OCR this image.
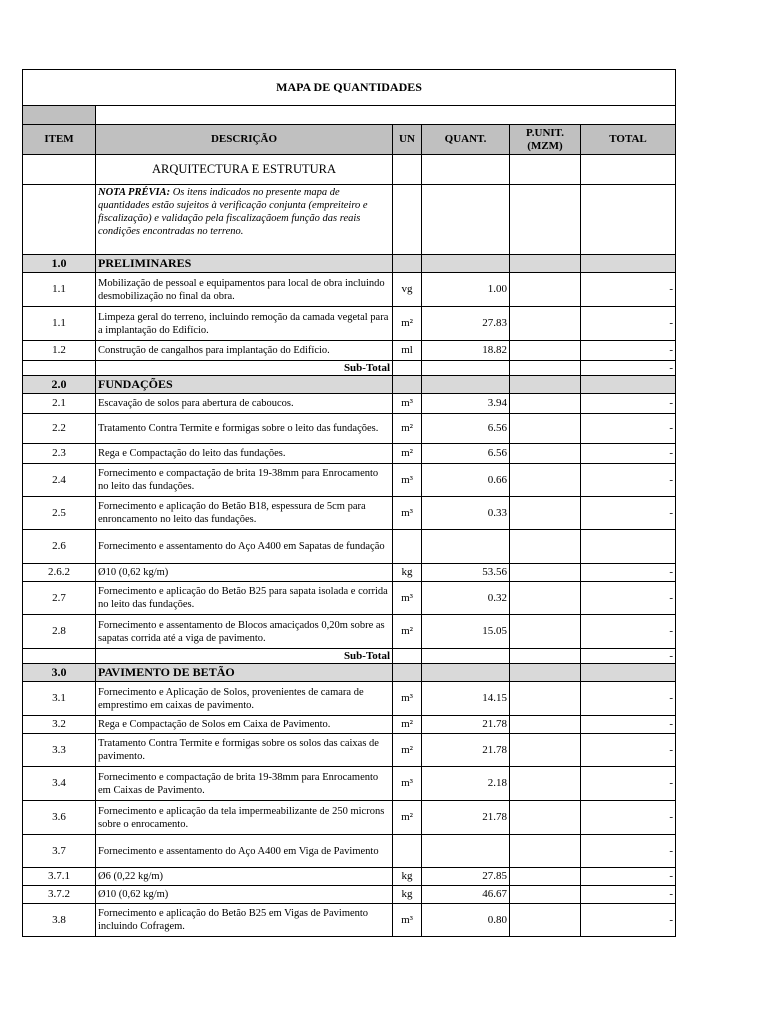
MAPA DE QUANTIDADES					

ITEM	DESCRIÇÃO	UN	QUANT.	P.UNIT. (MZM)	TOTAL
	ARQUITECTURA E ESTRUTURA				
	NOTA PRÉVIA: Os itens indicados no presente mapa de quantidades estão sujeitos à verificação conjunta (empreiteiro e fiscalização) e validação pela fiscalizaçãoem função das reais condições encontradas no terreno.				
1.0	PRELIMINARES				
1.1	Mobilização de pessoal e equipamentos para local de obra incluindo desmobilização no final da obra.	vg	1.00		-
1.1	Limpeza geral do terreno, incluindo remoção da camada vegetal para a implantação do Edifício.	m²	27.83		-
1.2	Construção de cangalhos para implantação do Edifício.	ml	18.82		-
	Sub-Total				-
2.0	FUNDAÇÕES				
2.1	Escavação de solos para abertura de caboucos.	m³	3.94		-
2.2	Tratamento Contra Termite e formigas sobre o leito das fundações.	m²	6.56		-
2.3	Rega e Compactação do leito das fundações.	m²	6.56		-
2.4	Fornecimento e compactação de brita 19-38mm para Enrocamento no leito das fundações.	m³	0.66		-
2.5	Fornecimento e aplicação do Betão B18, espessura de 5cm para enroncamento no leito das fundações.	m³	0.33		-
2.6	Fornecimento e assentamento do Aço A400 em Sapatas de fundação				
2.6.2	Ø10 (0,62 kg/m)	kg	53.56		-
2.7	Fornecimento e aplicação do Betão B25 para sapata isolada e corrida no leito das fundações.	m³	0.32		-
2.8	Fornecimento e assentamento de Blocos amaciçados 0,20m sobre as sapatas corrida até a viga de pavimento.	m²	15.05		-
	Sub-Total				-
3.0	PAVIMENTO DE BETÃO				
3.1	Fornecimento e Aplicação de Solos, provenientes de camara de emprestimo em caixas de pavimento.	m³	14.15		-
3.2	Rega e Compactação de Solos em Caixa de Pavimento.	m²	21.78		-
3.3	Tratamento Contra Termite e formigas sobre os solos das caixas de pavimento.	m²	21.78		-
3.4	Fornecimento e compactação de brita 19-38mm para Enrocamento em Caixas de Pavimento.	m³	2.18		-
3.6	Fornecimento e aplicação da tela impermeabilizante de 250 microns sobre o enrocamento.	m²	21.78		-
3.7	Fornecimento e assentamento do Aço A400 em Viga de Pavimento				-
3.7.1	Ø6 (0,22 kg/m)	kg	27.85		-
3.7.2	Ø10 (0,62 kg/m)	kg	46.67		-
3.8	Fornecimento e aplicação do Betão B25 em Vigas de Pavimento incluindo Cofragem.	m³	0.80		-
